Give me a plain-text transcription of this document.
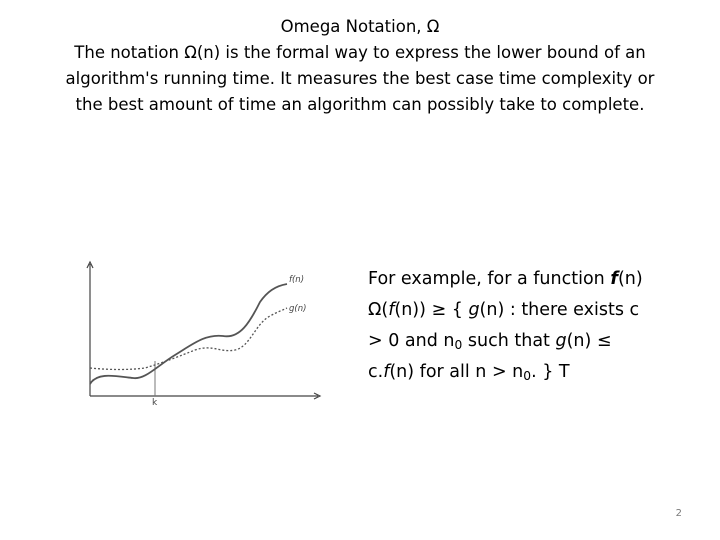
Omega Notation, Ω
The notation Ω(n) is the formal way to express the lower bound of an
algorithm's running time. It measures the best case time complexity or
the best amount of time an algorithm can possibly take to complete.
k
f(n)
g(n)
For example, for a function f(n)
Ω(f(n)) ≥ { g(n) : there exists c
> 0 and $n_0$ such that g(n) ≤
c.f(n) for all $n > n_0$. } T
2
